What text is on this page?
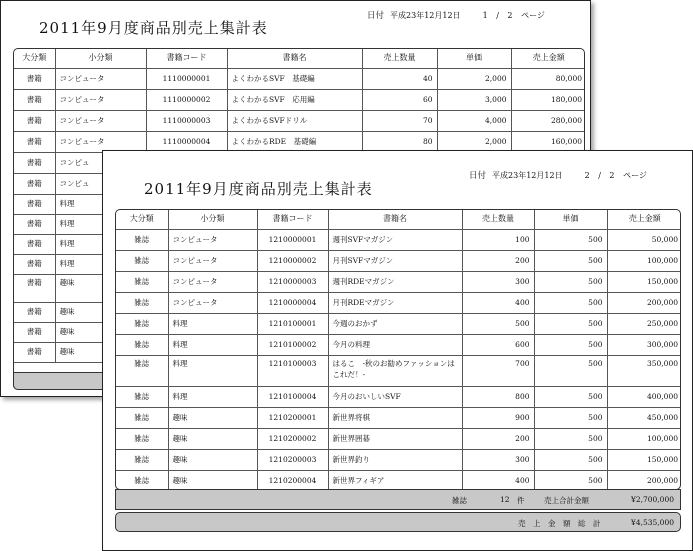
2011年9月度商品別売上集計表
日付 平成23年12月12日	1 / 2 ページ
大分類	小分類	書籍コード	書籍名	売上数量	単価	売上金額
書籍	コンピュータ	1110000001	よくわかるSVF　基礎編	40	2,000	80,000
書籍	コンピュータ	1110000002	よくわかるSVF　応用編	60	3,000	180,000
書籍	コンピュータ	1110000003	よくわかるSVFドリル	70	4,000	280,000
書籍	コンピュータ	1110000004	よくわかるRDE　基礎編	80	2,000	160,000
書籍	コンピュ					
書籍	コンピュ					
書籍	料理					
書籍	料理					
書籍	料理					
書籍	料理					
書籍	趣味					
書籍	趣味					
書籍	趣味					
書籍	趣味					
2011年9月度商品別売上集計表
日付 平成23年12月12日	2 / 2 ページ
大分類	小分類	書籍コード	書籍名	売上数量	単価	売上金額
雑誌	コンピュータ	1210000001	週刊SVFマガジン	100	500	50,000
雑誌	コンピュータ	1210000002	月刊SVFマガジン	200	500	100,000
雑誌	コンピュータ	1210000003	週刊RDEマガジン	300	500	150,000
雑誌	コンピュータ	1210000004	月刊RDEマガジン	400	500	200,000
雑誌	料理	1210100001	今週のおかず	500	500	250,000
雑誌	料理	1210100002	今月の料理	600	500	300,000
雑誌	料理	1210100003	はるこ　-秋のお勧めファッションはこれだ！-	700	500	350,000
雑誌	料理	1210100004	今月のおいしいSVF	800	500	400,000
雑誌	趣味	1210200001	新世界将棋	900	500	450,000
雑誌	趣味	1210200002	新世界囲碁	200	500	100,000
雑誌	趣味	1210200003	新世界釣り	300	500	150,000
雑誌	趣味	1210200004	新世界フィギア	400	500	200,000
雑誌	12 件	売上合計金額	¥2,700,000
売　上　金　額　総　計	¥4,535,000
